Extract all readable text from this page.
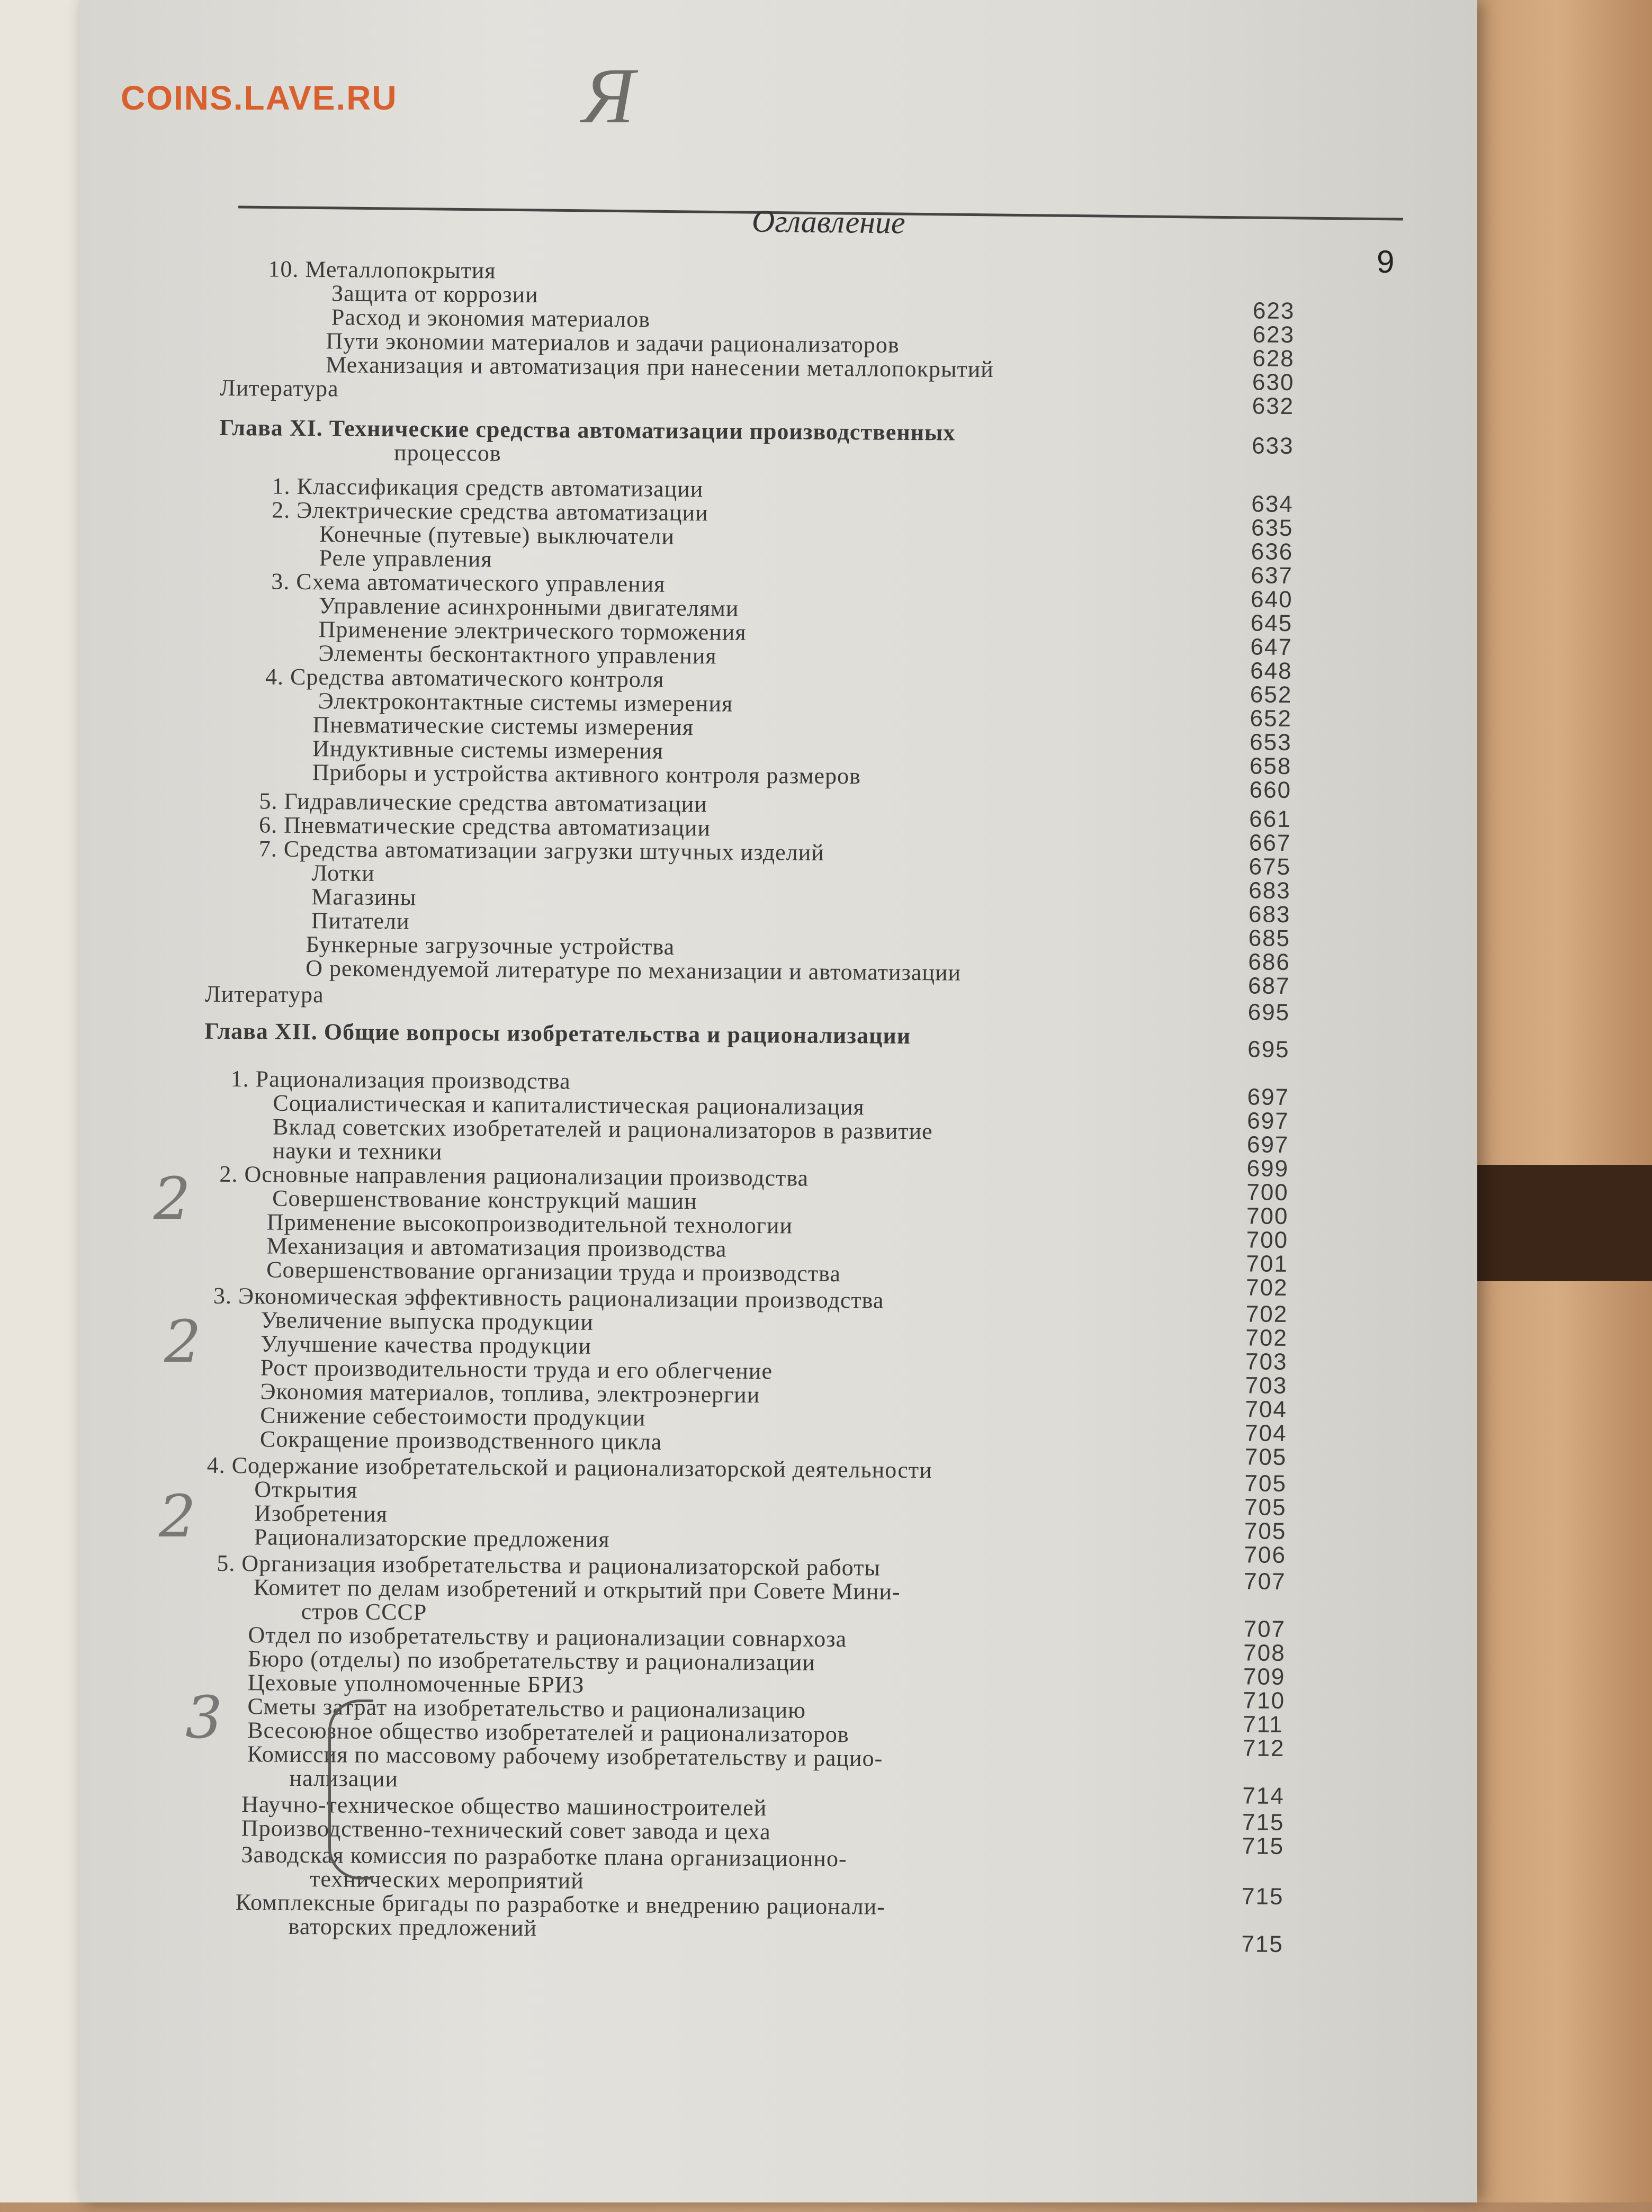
COINS.LAVE.RU Я
Оглавление
9
10. Металлопокрытия
Защита от коррозии
623
Расход и экономия материалов
623
Пути экономии материалов и задачи рационализаторов
628
Механизация и автоматизация при нанесении металлопокрытий
630
Литература
632
Глава XI. Технические средства автоматизации производственных
633
процессов
1. Классификация средств автоматизации
634
2. Электрические средства автоматизации
635
Конечные (путевые) выключатели
636
Реле управления
637
3. Схема автоматического управления
640
Управление асинхронными двигателями
645
Применение электрического торможения
647
Элементы бесконтактного управления
648
4. Средства автоматического контроля
652
Электроконтактные системы измерения
652
Пневматические системы измерения
653
Индуктивные системы измерения
658
Приборы и устройства активного контроля размеров
660
5. Гидравлические средства автоматизации
661
6. Пневматические средства автоматизации
667
7. Средства автоматизации загрузки штучных изделий
675
Лотки
683
Магазины
683
Питатели
685
Бункерные загрузочные устройства
686
О рекомендуемой литературе по механизации и автоматизации
687
Литература
695
Глава XII. Общие вопросы изобретательства и рационализации
695
1. Рационализация производства
697
Социалистическая и капиталистическая рационализация
697
Вклад советских изобретателей и рационализаторов в развитие
697
науки и техники
699
2. Основные направления рационализации производства
700
Совершенствование конструкций машин
700
Применение высокопроизводительной технологии
700
Механизация и автоматизация производства
701
Совершенствование организации труда и производства
702
3. Экономическая эффективность рационализации производства
702
Увеличение выпуска продукции
702
Улучшение качества продукции
703
Рост производительности труда и его облегчение
703
Экономия материалов, топлива, электроэнергии
704
Снижение себестоимости продукции
704
Сокращение производственного цикла
705
4. Содержание изобретательской и рационализаторской деятельности
705
Открытия
705
Изобретения
705
Рационализаторские предложения
706
5. Организация изобретательства и рационализаторской работы
707
Комитет по делам изобретений и открытий при Совете Мини-
стров СССР
707
Отдел по изобретательству и рационализации совнархоза
708
Бюро (отделы) по изобретательству и рационализации
709
Цеховые уполномоченные БРИЗ
710
Сметы затрат на изобретательство и рационализацию
711
Всесоюзное общество изобретателей и рационализаторов
712
Комиссия по массовому рабочему изобретательству и рацио-
нализации
714
Научно-техническое общество машиностроителей
715
Производственно-технический совет завода и цеха
715
Заводская комиссия по разработке плана организационно-
технических мероприятий
715
Комплексные бригады по разработке и внедрению рационали-
ваторских предложений
715
2
2
2
3
